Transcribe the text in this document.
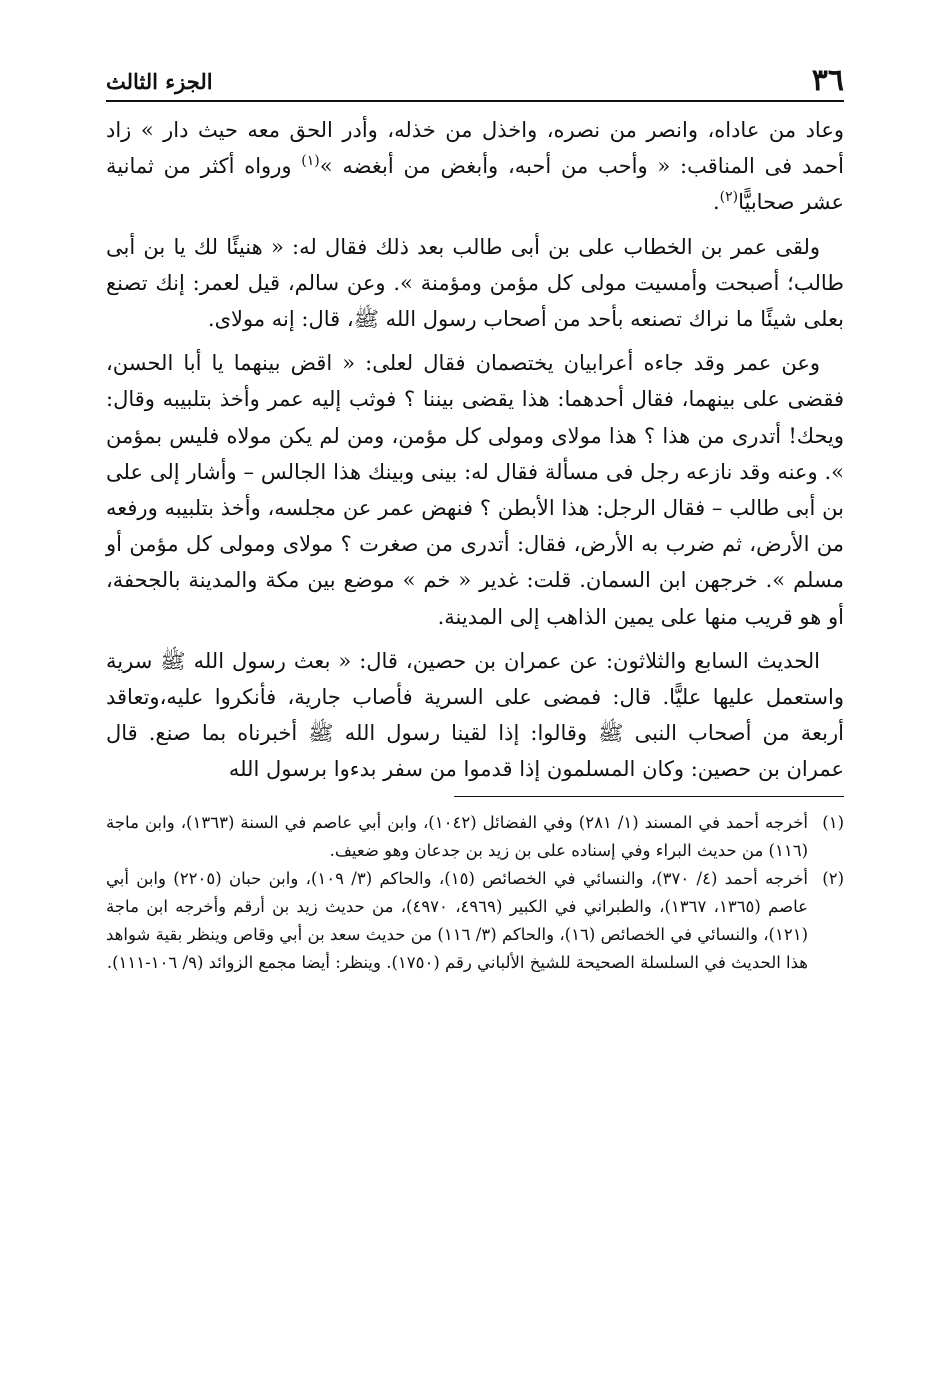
٣٦
الجزء الثالث

وعاد من عاداه، وانصر من نصره، واخذل من خذله، وأدر الحق معه حيث دار » زاد أحمد فى المناقب: « وأحب من أحبه، وأبغض من أبغضه »$^{(١)}$ ورواه أكثر من ثمانية عشر صحابيًّا$^{(٢)}$.

ولقى عمر بن الخطاب على بن أبى طالب بعد ذلك فقال له: « هنيئًا لك يا بن أبى طالب؛ أصبحت وأمسيت مولى كل مؤمن ومؤمنة ». وعن سالم، قيل لعمر: إنك تصنع بعلى شيئًا ما نراك تصنعه بأحد من أصحاب رسول الله ﷺ، قال: إنه مولاى.

وعن عمر وقد جاءه أعرابيان يختصمان فقال لعلى: « اقض بينهما يا أبا الحسن، فقضى على بينهما، فقال أحدهما: هذا يقضى بيننا ؟ فوثب إليه عمر وأخذ بتلبيبه وقال: ويحك! أتدرى من هذا ؟ هذا مولاى ومولى كل مؤمن، ومن لم يكن مولاه فليس بمؤمن ». وعنه وقد نازعه رجل فى مسألة فقال له: بينى وبينك هذا الجالس – وأشار إلى على بن أبى طالب – فقال الرجل: هذا الأبطن ؟ فنهض عمر عن مجلسه، وأخذ بتلبيبه ورفعه من الأرض، ثم ضرب به الأرض، فقال: أتدرى من صغرت ؟ مولاى ومولى كل مؤمن أو مسلم ». خرجهن ابن السمان. قلت: غدير « خم » موضع بين مكة والمدينة بالجحفة، أو هو قريب منها على يمين الذاهب إلى المدينة.

الحديث السابع والثلاثون: عن عمران بن حصين، قال: « بعث رسول الله ﷺ سرية واستعمل عليها عليًّا. قال: فمضى على السرية فأصاب جارية، فأنكروا عليه،وتعاقد أربعة من أصحاب النبى ﷺ وقالوا: إذا لقينا رسول الله ﷺ أخبرناه بما صنع. قال عمران بن حصين: وكان المسلمون إذا قدموا من سفر بدءوا برسول الله

(١)
أخرجه أحمد في المسند (١/ ٢٨١) وفي الفضائل (١٠٤٢)، وابن أبي عاصم في السنة (١٣٦٣)، وابن ماجة (١١٦) من حديث البراء وفي إسناده على بن زيد بن جدعان وهو ضعيف.
(٢)
أخرجه أحمد (٤/ ٣٧٠)، والنسائي في الخصائص (١٥)، والحاكم (٣/ ١٠٩)، وابن حبان (٢٢٠٥) وابن أبي عاصم (١٣٦٥، ١٣٦٧)، والطبراني في الكبير (٤٩٦٩، ٤٩٧٠)، من حديث زيد بن أرقم وأخرجه ابن ماجة (١٢١)، والنسائي في الخصائص (١٦)، والحاكم (٣/ ١١٦) من حديث سعد بن أبي وقاص وينظر بقية شواهد هذا الحديث في السلسلة الصحيحة للشيخ الألباني رقم (١٧٥٠). وينظر: أيضا مجمع الزوائد (٩/ ١٠٦-١١١).
